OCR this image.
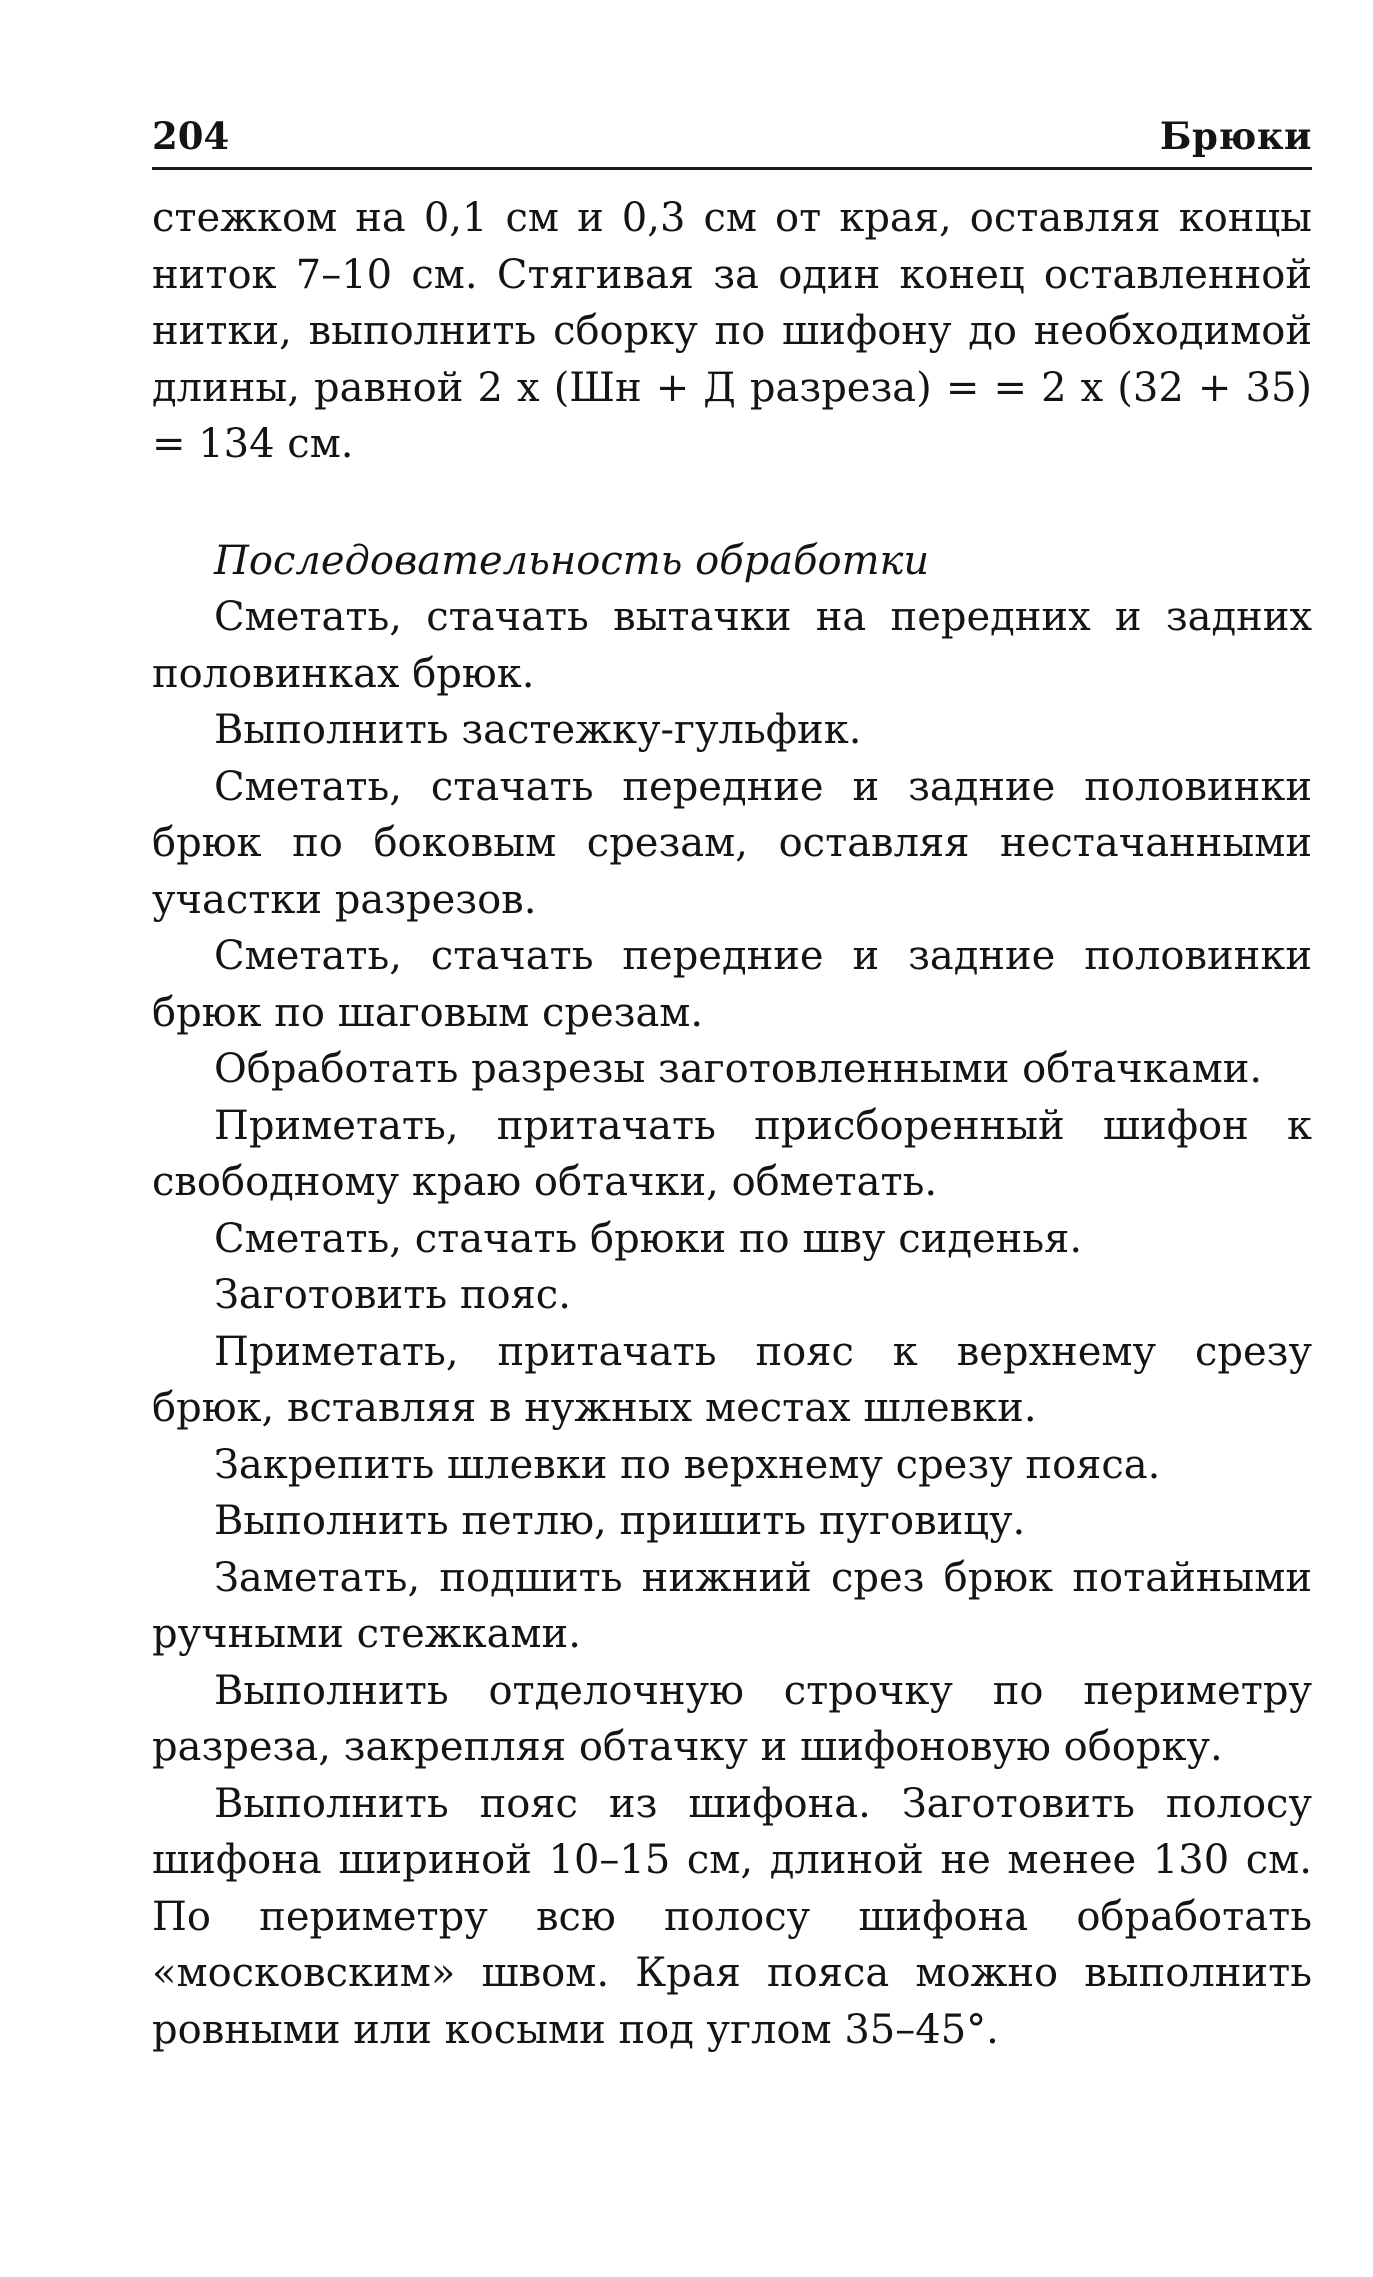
204	Брюки

стежком на 0,1 см и 0,3 см от края, оставляя концы ниток 7–10 см. Стягивая за один конец оставленной нитки, выполнить сборку по шифону до необходимой длины, равной 2 x (Шн + Д разреза) = = 2 x (32 + 35) = 134 см.

Последовательность обработки

Сметать, стачать вытачки на передних и задних половинках брюк.

Выполнить застежку-гульфик.

Сметать, стачать передние и задние половинки брюк по боковым срезам, оставляя нестачанными участки разрезов.

Сметать, стачать передние и задние половинки брюк по шаговым срезам.

Обработать разрезы заготовленными обтачками.

Приметать, притачать присборенный шифон к свободному краю обтачки, обметать.

Сметать, стачать брюки по шву сиденья.

Заготовить пояс.

Приметать, притачать пояс к верхнему срезу брюк, вставляя в нужных местах шлевки.

Закрепить шлевки по верхнему срезу пояса.

Выполнить петлю, пришить пуговицу.

Заметать, подшить нижний срез брюк потайными ручными стежками.

Выполнить отделочную строчку по периметру разреза, закрепляя обтачку и шифоновую оборку.

Выполнить пояс из шифона. Заготовить полосу шифона шириной 10–15 см, длиной не менее 130 см. По периметру всю полосу шифона обработать «московским» швом. Края пояса можно выполнить ровными или косыми под углом 35–45°.
